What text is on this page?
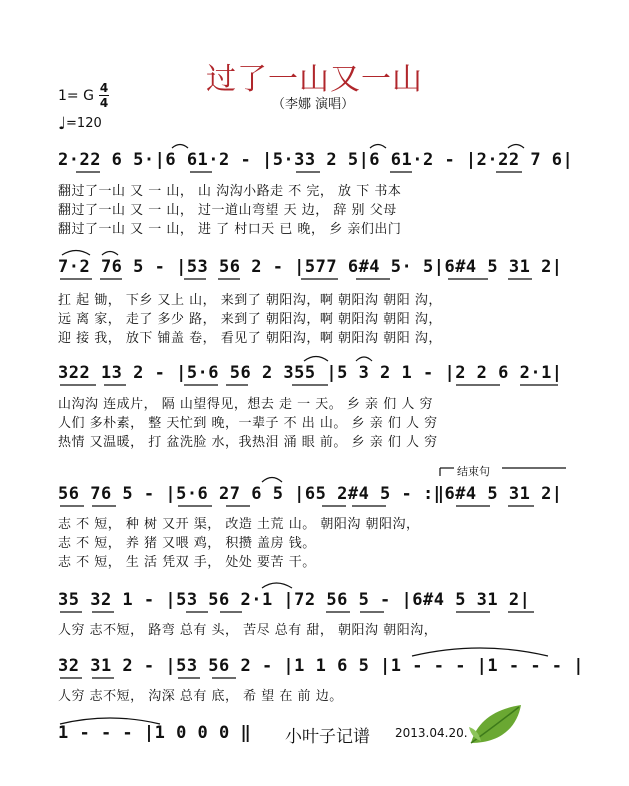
过了一山又一山
（李娜 演唱）
1= G 4
4
♩=120
2·22 6 5·|6 61·2 - |5·33 2 5|6 61·2 - |2·22 7 6|
翻过了一山 又 一 山， 山 沟沟小路走 不 完， 放 下 书本
翻过了一山 又 一 山， 过一道山弯望 天 边， 辞 别 父母
翻过了一山 又 一 山， 进 了 村口天 已 晚， 乡 亲们出门
7·2 76 5 - |53 56 2 - |577 6#4 5· 5|6#4 5 31 2|
扛 起 锄， 下乡 又上 山， 来到了 朝阳沟，啊 朝阳沟 朝阳 沟，
远 离 家， 走了 多少 路， 来到了 朝阳沟，啊 朝阳沟 朝阳 沟，
迎 接 我， 放下 铺盖 卷， 看见了 朝阳沟，啊 朝阳沟 朝阳 沟，
322 13 2 - |5·6 56 2 355 |5 3 2 1 - |2 2 6 2·1|
山沟沟 连成片， 隔 山望得见，想去 走 一 天。 乡 亲 们 人 穷
人们 多朴素， 整 天忙到 晚，一辈子 不 出 山。 乡 亲 们 人 穷
热情 又温暖， 打 盆洗脸 水，我热泪 涌 眼 前。 乡 亲 们 人 穷
结束句
56 76 5 - |5·6 27 6 5 |65 2#4 5 - :‖6#4 5 31 2|
志 不 短， 种 树 又开 渠， 改造 土荒 山。 朝阳沟 朝阳沟，
志 不 短， 养 猪 又喂 鸡， 积攒 盖房 钱。
志 不 短， 生 活 凭双 手， 处处 要苦 干。
35 32 1 - |53 56 2·1 |72 56 5 - |6#4 5 31 2|
人穷 志不短， 路弯 总有 头， 苦尽 总有 甜， 朝阳沟 朝阳沟，
32 31 2 - |53 56 2 - |1 1 6 5 |1 - - - |1 - - - |
人穷 志不短， 沟深 总有 底， 希 望 在 前 边。
1 - - - |1 0 0 0 ‖ 小叶子记谱 2013.04.20.
